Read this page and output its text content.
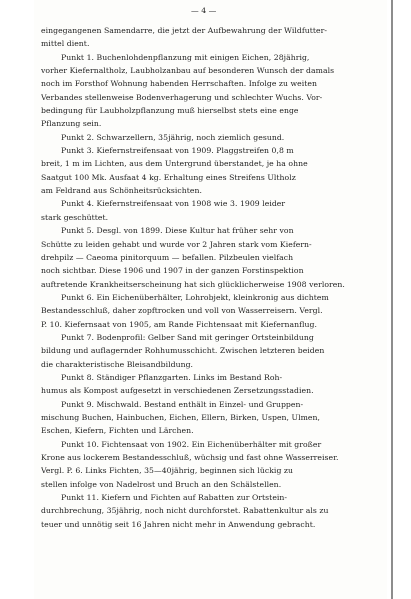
— 4 —
eingegangenen Samendarre, die jetzt der Aufbewahrung der Wildfutter-
mittel dient.
Punkt 1. Buchenlohdenpflanzung mit einigen Eichen, 28jährig,
vorher Kiefernaltholz, Laubholzanbau auf besonderen Wunsch der damals
noch im Forsthof Wohnung habenden Herrschaften. Infolge zu weiten
Verbandes stellenweise Bodenverhagerung und schlechter Wuchs. Vor-
bedingung für Laubholzpflanzung muß hierselbst stets eine enge
Pflanzung sein.
Punkt 2. Schwarzellern, 35jährig, noch ziemlich gesund.
Punkt 3. Kiefernstreifensaat von 1909. Plaggstreifen 0,8 m
breit, 1 m im Lichten, aus dem Untergrund überstandet, je ha ohne
Saatgut 100 Mk. Ausfaat 4 kg. Erhaltung eines Streifens Ultholz
am Feldrand aus Schönheitsrücksichten.
Punkt 4. Kiefernstreifensaat von 1908 wie 3. 1909 leider
stark geschüttet.
Punkt 5. Desgl. von 1899. Diese Kultur hat früher sehr von
Schütte zu leiden gehabt und wurde vor 2 Jahren stark vom Kiefern-
drehpilz — Caeoma pinitorquum — befallen. Pilzbeulen vielfach
noch sichtbar. Diese 1906 und 1907 in der ganzen Forstinspektion
auftretende Krankheitserscheinung hat sich glücklicherweise 1908 verloren.
Punkt 6. Ein Eichenüberhälter, Lohrobjekt, kleinkronig aus dichtem
Bestandesschluß, daher zopftrocken und voll von Wasserreisern. Vergl.
P. 10. Kiefernsaat von 1905, am Rande Fichtensaat mit Kiefernanflug.
Punkt 7. Bodenprofil: Gelber Sand mit geringer Ortsteinbildung
bildung und auflagernder Rohhumusschicht. Zwischen letzteren beiden
die charakteristische Bleisandbildung.
Punkt 8. Ständiger Pflanzgarten. Links im Bestand Roh-
humus als Kompost aufgesetzt in verschiedenen Zersetzungsstadien.
Punkt 9. Mischwald. Bestand enthält in Einzel- und Gruppen-
mischung Buchen, Hainbuchen, Eichen, Ellern, Birken, Uspen, Ulmen,
Eschen, Kiefern, Fichten und Lärchen.
Punkt 10. Fichtensaat von 1902. Ein Eichenüberhälter mit großer
Krone aus lockerem Bestandesschluß, wüchsig und fast ohne Wasserreiser.
Vergl. P. 6. Links Fichten, 35—40jährig, beginnen sich lückig zu
stellen infolge von Nadelrost und Bruch an den Schälstellen.
Punkt 11. Kiefern und Fichten auf Rabatten zur Ortstein-
durchbrechung, 35jährig, noch nicht durchforstet. Rabattenkultur als zu
teuer und unnötig seit 16 Jahren nicht mehr in Anwendung gebracht.
